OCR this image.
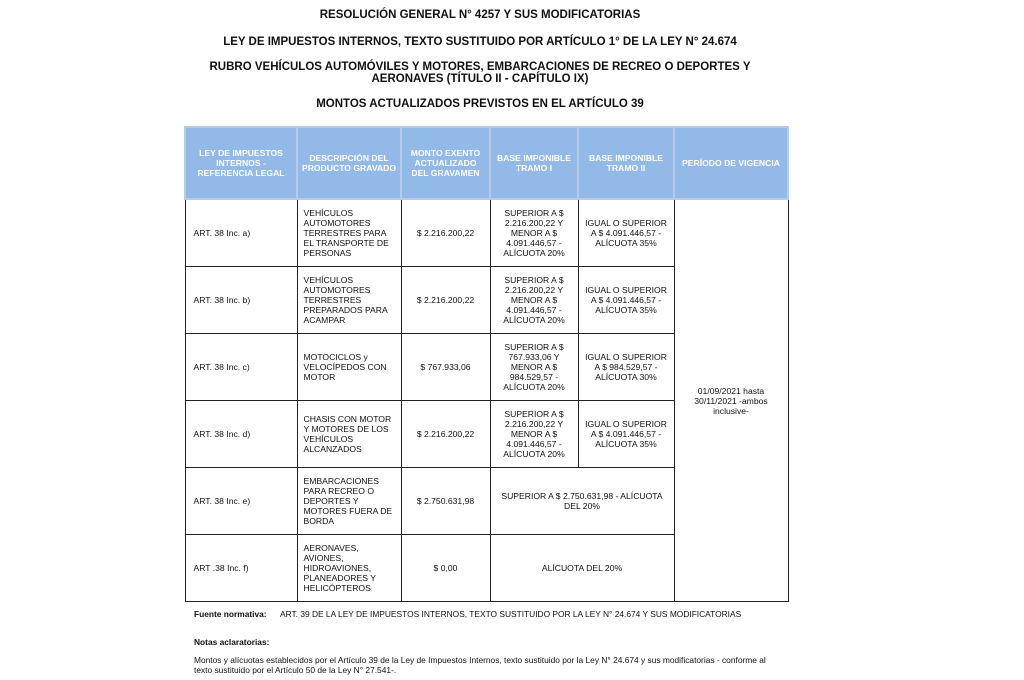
RESOLUCIÓN GENERAL N° 4257 Y SUS MODIFICATORIAS

LEY DE IMPUESTOS INTERNOS, TEXTO SUSTITUIDO POR ARTÍCULO 1° DE LA LEY N° 24.674

RUBRO VEHÍCULOS AUTOMÓVILES Y MOTORES, EMBARCACIONES DE RECREO O DEPORTES Y AERONAVES (TÍTULO II - CAPÍTULO IX)

MONTOS ACTUALIZADOS PREVISTOS EN EL ARTÍCULO 39

LEY DE IMPUESTOS INTERNOS - REFERENCIA LEGAL	DESCRIPCIÓN DEL PRODUCTO GRAVADO	MONTO EXENTO ACTUALIZADO DEL GRAVAMEN	BASE IMPONIBLE TRAMO I	BASE IMPONIBLE TRAMO II	PERÍODO DE VIGENCIA
ART. 38 Inc. a)	VEHÍCULOS AUTOMOTORES TERRESTRES PARA EL TRANSPORTE DE PERSONAS	$ 2.216.200,22	SUPERIOR A $ 2.216.200,22 Y MENOR A $ 4.091.446,57 - ALÍCUOTA 20%	IGUAL O SUPERIOR A $ 4.091.446,57 - ALÍCUOTA 35%	01/09/2021 hasta 30/11/2021 -ambos inclusive-
ART. 38 Inc. b)	VEHÍCULOS AUTOMOTORES TERRESTRES PREPARADOS PARA ACAMPAR	$ 2.216.200,22	SUPERIOR A $ 2.216.200,22 Y MENOR A $ 4.091.446,57 - ALÍCUOTA 20%	IGUAL O SUPERIOR A $ 4.091.446,57 - ALÍCUOTA 35%	
ART. 38 Inc. c)	MOTOCICLOS y VELOCÍPEDOS CON MOTOR	$ 767.933,06	SUPERIOR A $ 767.933,06 Y MENOR A $ 984.529,57 - ALÍCUOTA 20%	IGUAL O SUPERIOR A $ 984.529,57 - ALÍCUOTA 30%	
ART. 38 Inc. d)	CHASIS CON MOTOR Y MOTORES DE LOS VEHÍCULOS ALCANZADOS	$ 2.216.200,22	SUPERIOR A $ 2.216.200,22 Y MENOR A $ 4.091.446,57 - ALÍCUOTA 20%	IGUAL O SUPERIOR A $ 4.091.446,57 - ALÍCUOTA 35%	
ART. 38 Inc. e)	EMBARCACIONES PARA RECREO O DEPORTES Y MOTORES FUERA DE BORDA	$ 2.750.631,98	SUPERIOR A $ 2.750.631,98 - ALÍCUOTA DEL 20%		
ART .38 Inc. f)	AERONAVES, AVIONES, HIDROAVIONES, PLANEADORES Y HELICÓPTEROS	$ 0,00	ALÍCUOTA DEL 20%		
Fuente normativa:	ART. 39 DE LA LEY DE IMPUESTOS INTERNOS, TEXTO SUSTITUIDO POR LA LEY N° 24.674 Y SUS MODIFICATORIAS
Notas aclaratorias:
Montos y alícuotas establecidos por el Artículo 39 de la Ley de Impuestos Internos, texto sustituido por la Ley N° 24.674 y sus modificatorias - conforme al texto sustituido por el Artículo 50 de la Ley N° 27.541-.
